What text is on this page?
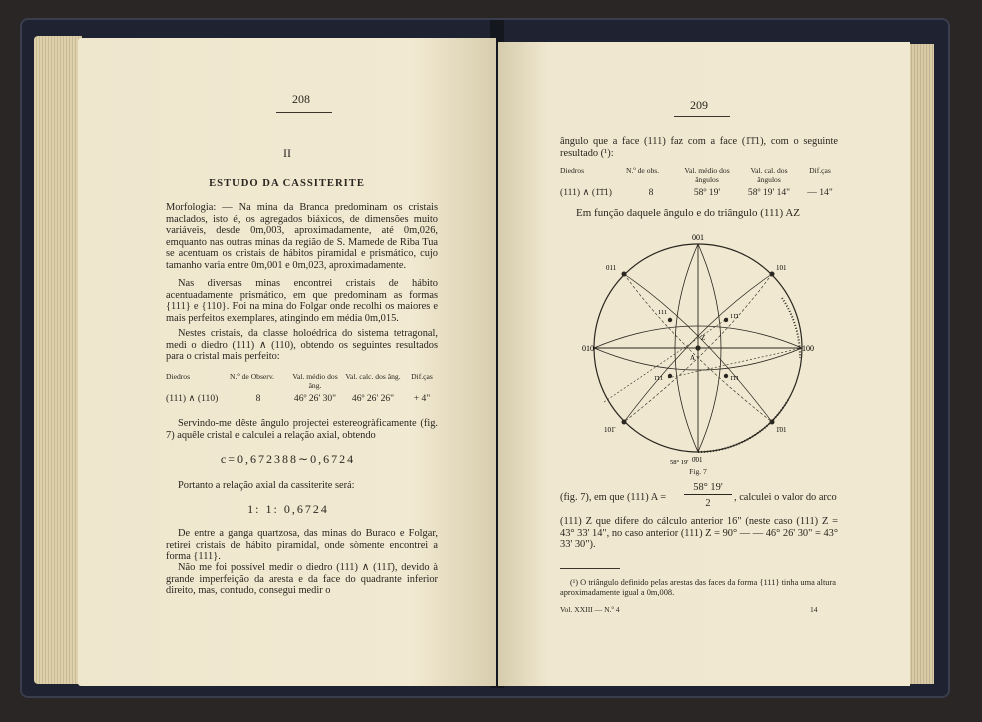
208
II
ESTUDO DA CASSITERITE
Morfologia: — Na mina da Branca predominam os cristais maclados, isto é, os agregados biáxicos, de dimensões muito variáveis, desde 0m,003, aproximadamente, até 0m,026, emquanto nas outras minas da região de S. Mamede de Riba Tua se acentuam os cristais de hábitos piramidal e prismático, cujo tamanho varia entre 0m,001 e 0m,023, aproximadamente.
Nas diversas minas encontrei cristais de hábito acentuadamente prismático, em que predominam as formas {111} e {110}. Foi na mina do Folgar onde recolhi os maiores e mais perfeitos exemplares, atingindo em média 0m,015.
Nestes cristais, da classe holoédrica do sistema tetragonal, medi o diedro (111) ∧ (110), obtendo os seguintes resultados para o cristal mais perfeito:
Diedros	N.º de Observ.	Val. médio dos âng.	Val. calc. dos âng.	Dif.ças
(111) ∧ (110)	8	46º 26' 30"	46º 26' 26"	+ 4"
Servindo-me dêste ângulo projectei estereogràficamente (fig. 7) aquêle cristal e calculei a relação axial, obtendo
c=0,672388∼0,6724
Portanto a relação axial da cassiterite será:
1: 1: 0,6724
De entre a ganga quartzosa, das minas do Buraco e Folgar, retirei cristais de hábito piramidal, onde sòmente encontrei a forma {111}.
Não me foi possível medir o diedro (111) ∧ (111̄), devido à grande imperfeição da aresta e da face do quadrante inferior direito, mas, contudo, consegui medir o
209
ângulo que a face (111) faz com a face (1̄1̄1), com o seguinte resultado (¹):
Diedros	N.º de obs.	Val. médio dos ângulos	Val. cal. dos ângulos	Dif.ças
(111) ∧ (1̄1̄1)	8	58º 19'	58º 19' 14"	— 14"
Em função daquele ângulo e do triângulo (111) AZ
001
010	100
011	101
101̄	1̄01
0̄01
111
11̄1
1̄11	1̄1̄1
A
Z
58° 19'
Fig. 7
(fig. 7), em que (111) A =
58° 19'
2
, calculei o valor do arco
(111) Z que difere do cálculo anterior 16" (neste caso (111) Z = 43° 33' 14", no caso anterior (111) Z = 90° — — 46° 26' 30" = 43° 33' 30").
(¹) O triângulo definido pelas arestas das faces da forma {111} tinha uma altura aproximadamente igual a 0m,008.
Vol. XXIII — N.º 4	14
